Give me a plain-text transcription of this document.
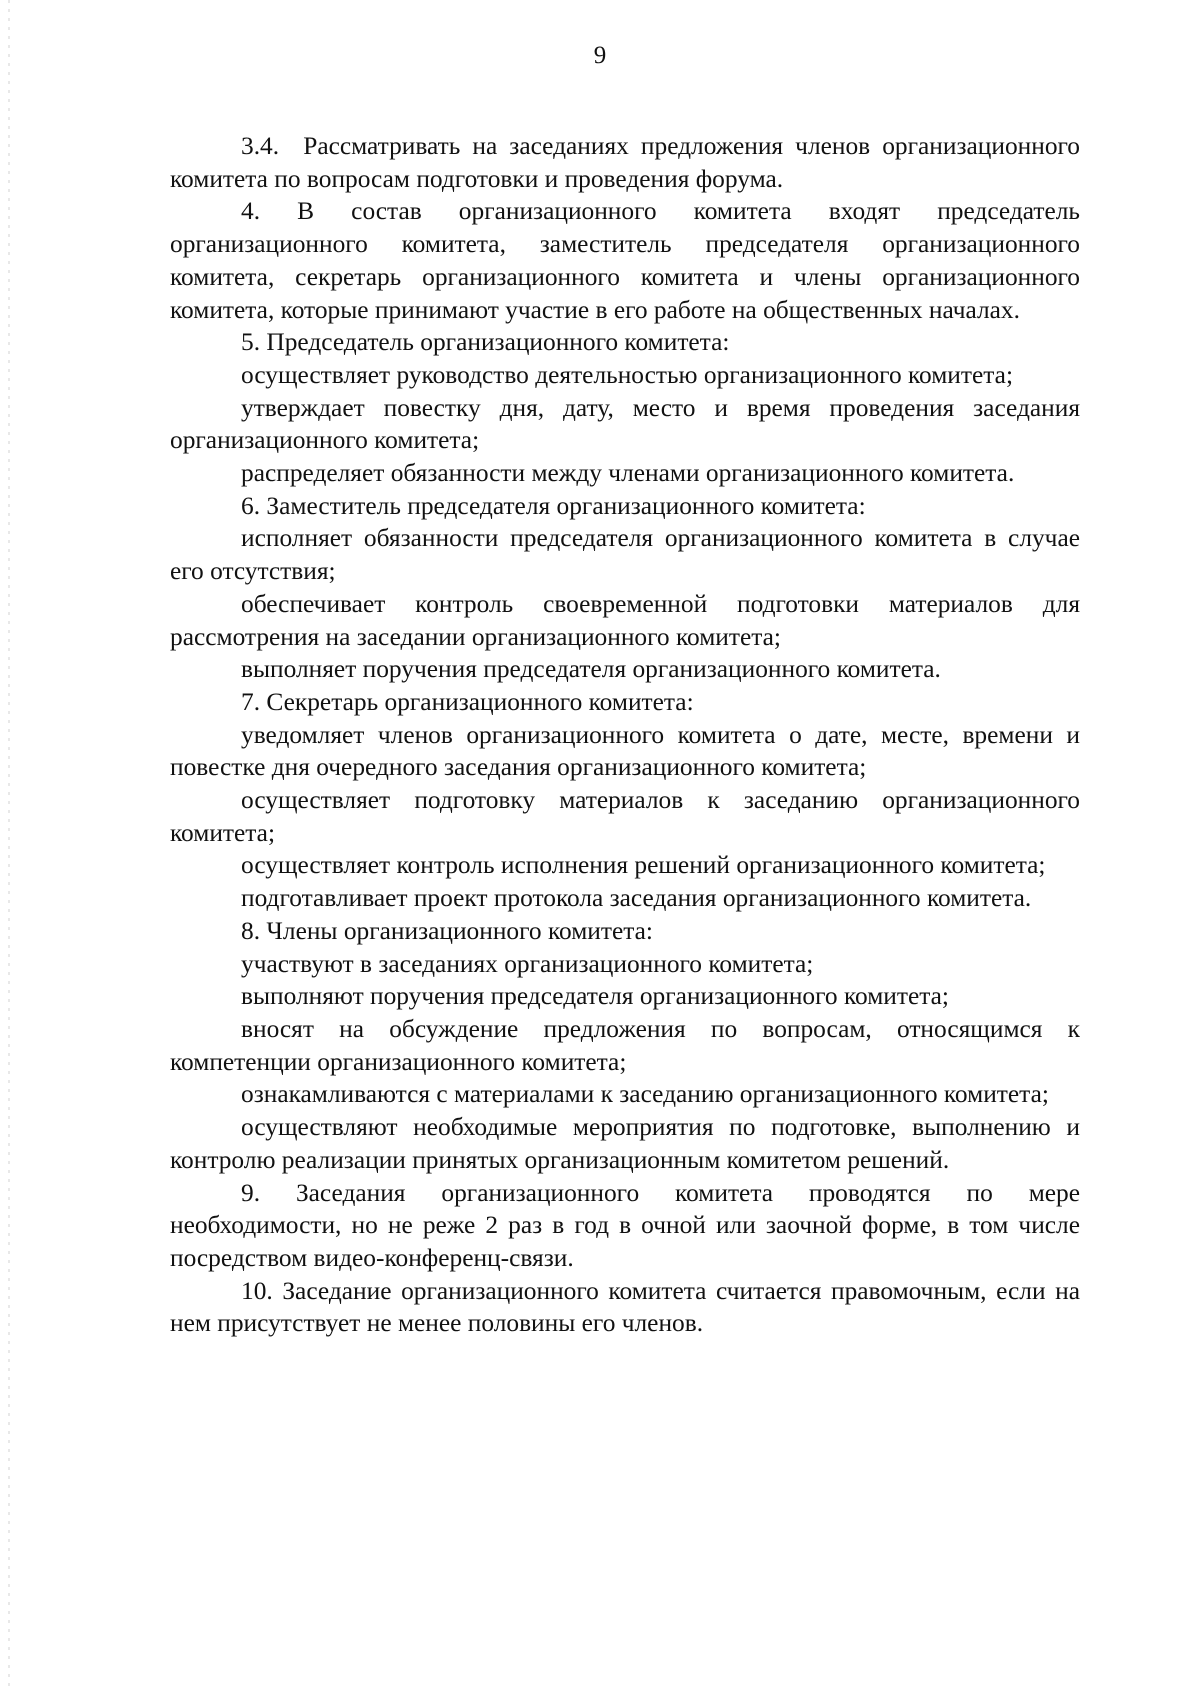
9

3.4.  Рассматривать на заседаниях предложения членов организационного комитета по вопросам подготовки и проведения форума.

4. В состав организационного комитета входят председатель организационного комитета, заместитель председателя организационного комитета, секретарь организационного комитета и члены организационного комитета, которые принимают участие в его работе на общественных началах.

5. Председатель организационного комитета:

осуществляет руководство деятельностью организационного комитета;

утверждает повестку дня, дату, место и время проведения заседания организационного комитета;

распределяет обязанности между членами организационного комитета.

6. Заместитель председателя организационного комитета:

исполняет обязанности председателя организационного комитета в случае его отсутствия;

обеспечивает контроль своевременной подготовки материалов для рассмотрения на заседании организационного комитета;

выполняет поручения председателя организационного комитета.

7. Секретарь организационного комитета:

уведомляет членов организационного комитета о дате, месте, времени и повестке дня очередного заседания организационного комитета;

осуществляет подготовку материалов к заседанию организационного комитета;

осуществляет контроль исполнения решений организационного комитета;

подготавливает проект протокола заседания организационного комитета.

8. Члены организационного комитета:

участвуют в заседаниях организационного комитета;

выполняют поручения председателя организационного комитета;

вносят на обсуждение предложения по вопросам, относящимся к компетенции организационного комитета;

ознакамливаются с материалами к заседанию организационного комитета;

осуществляют необходимые мероприятия по подготовке, выполнению и контролю реализации принятых организационным комитетом решений.

9. Заседания организационного комитета проводятся по мере необходимости, но не реже 2 раз в год в очной или заочной форме, в том числе посредством видео-конференц-связи.

10. Заседание организационного комитета считается правомочным, если на нем присутствует не менее половины его членов.
